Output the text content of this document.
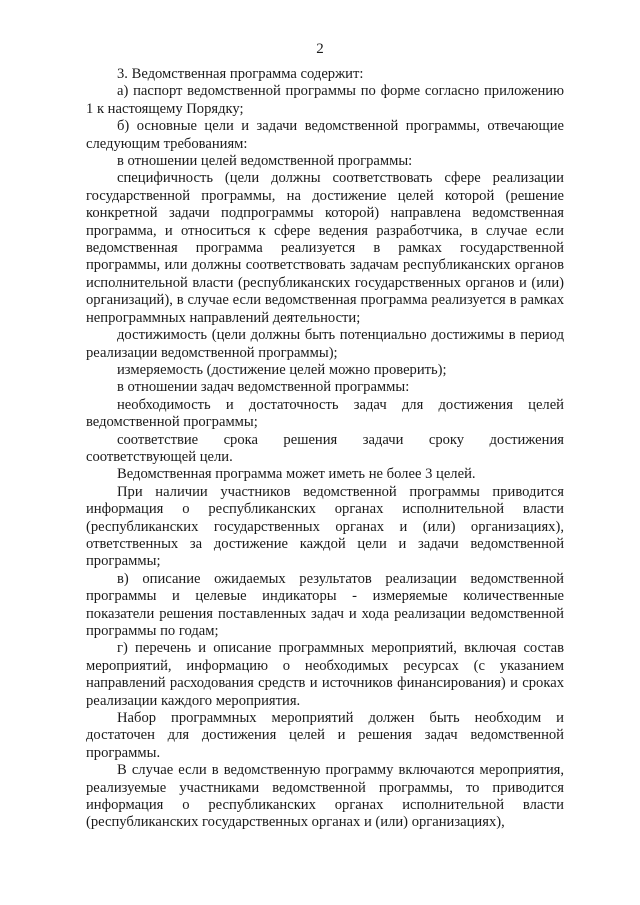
2

3. Ведомственная программа содержит:

а) паспорт ведомственной программы по форме согласно приложению 1 к настоящему Порядку;

б) основные цели и задачи ведомственной программы, отвечающие следующим требованиям:

в отношении целей ведомственной программы:

специфичность (цели должны соответствовать сфере реализации государственной программы, на достижение целей которой (решение конкретной задачи подпрограммы которой) направлена ведомственная программа, и относиться к сфере ведения разработчика, в случае если ведомственная программа реализуется в рамках государственной программы, или должны соответствовать задачам республиканских органов исполнительной власти (республиканских государственных органов и (или) организаций), в случае если ведомственная программа реализуется в рамках непрограммных направлений деятельности;

достижимость (цели должны быть потенциально достижимы в период реализации ведомственной программы);

измеряемость (достижение целей можно проверить);

в отношении задач ведомственной программы:

необходимость и достаточность задач для достижения целей ведомственной программы;

соответствие срока решения задачи сроку достижения соответствующей цели.

Ведомственная программа может иметь не более 3 целей.

При наличии участников ведомственной программы приводится информация о республиканских органах исполнительной власти (республиканских государственных органах и (или) организациях), ответственных за достижение каждой цели и задачи ведомственной программы;

в) описание ожидаемых результатов реализации ведомственной программы и целевые индикаторы - измеряемые количественные показатели решения поставленных задач и хода реализации ведомственной программы по годам;

г) перечень и описание программных мероприятий, включая состав мероприятий, информацию о необходимых ресурсах (с указанием направлений расходования средств и источников финансирования) и сроках реализации каждого мероприятия.

Набор программных мероприятий должен быть необходим и достаточен для достижения целей и решения задач ведомственной программы.

В случае если в ведомственную программу включаются мероприятия, реализуемые участниками ведомственной программы, то приводится информация о республиканских органах исполнительной власти (республиканских государственных органах и (или) организациях),
